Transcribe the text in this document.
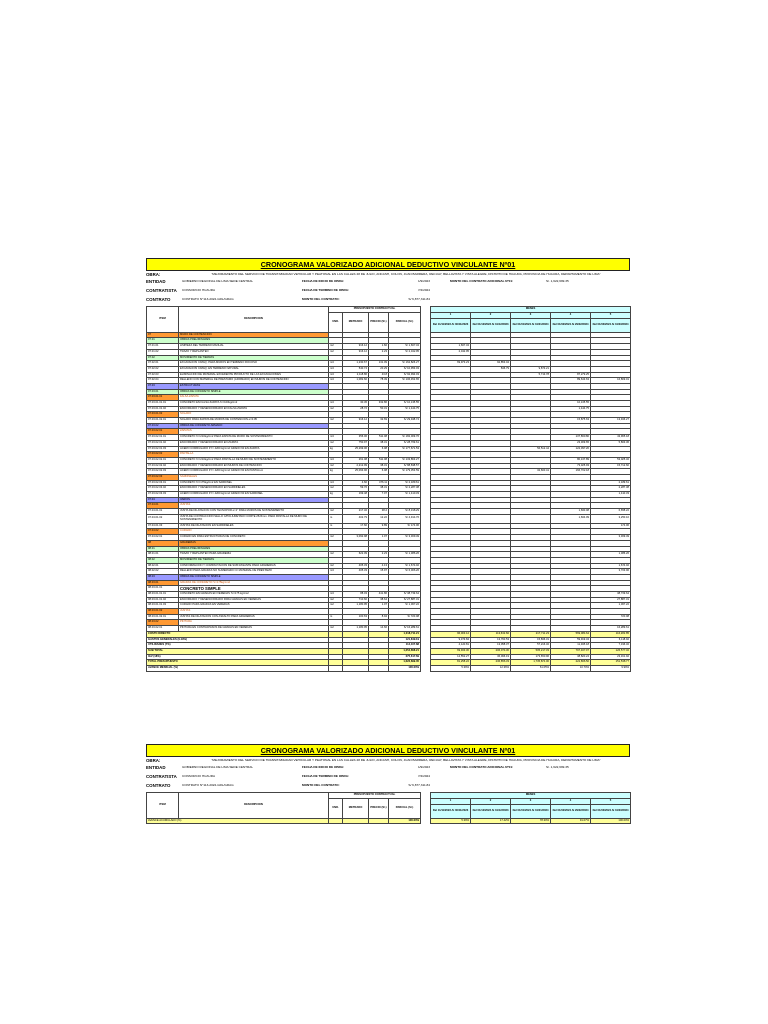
CRONOGRAMA VALORIZADO ADICIONAL DEDUCTIVO VINCULANTE Nº01
OBRA:	"MEJORAMIENTO DEL SERVICIO DE TRANSITABILIDAD VEHICULAR Y PEATONAL EN LAS CALLES 28 DE JULIO, ANCASH, COLON, JUAN BARRERA, RECUAY, BELLAVISTA Y VISTA ALEGRE, DISTRITO DE HUAURA, PROVINCIA DE HUAURA, DEPARTAMENTO DE LIMA"
ENTIDAD	GOBIERNO REGIONAL DE LIMA SEDE CENTRAL	FECHA DE INICIO DE OBRA:	1/9/2023	MONTO DEL CONTRATO ADICIONAL Nº01:	S/. 1,622,699.35
CONTRATISTA	CONSORCIO HUAURA	FECHA DE TERMINO DE OBRA:	7/4/2024
CONTRATO	CONTRATO N°113-2022-GRL/GRAG	MONTO DEL CONTRATO:	S/ 6,877,311.84
ITEM	DESCRIPCION	PRESUPUESTO CONTRACTUAL					MESES				
		UND.	METRADO	PRECIO (S/.)	PARCIAL (S/.)		1	2	3	4	5
							Del 11/11/2023 Al 30/11/2023	Del 01/12/2023 Al 31/12/2023	Del 01/01/2024 Al 31/01/2024	Del 01/02/2024 Al 29/02/2024	Del 01/03/2024 Al 31/03/2024
07	MURO DE CONTENCION										
07.01	OBRAS PRELIMINARES										
07.01.01	LIMPIEZA DEL TERRENO MANUAL	m2	916.12	1.82	S/ 1,667.34		1,667.34				
07.01.02	TRAZO Y REPLANTEO	m2	916.12	2.23	S/ 2,042.95		2,042.95				
07.02	MOVIMIENTO DE TIERRAS										
07.02.01	EXCAVACION C/MAQ. PARA MUROS EN TERRENO ROCOSO	m3	1,230.67	131.09	S/ 162,826.27		69,973.23	92,853.04			
07.02.02	EXCAVACION C/MAQ. EN TERRENO NATURAL	m3	540.74	20.29	S/ 10,953.03			846.79	9,873.21		
07.02.03	ELIMINACION DE MATERIAL EXCEDENTE PRODUCTO DE LAS EXCAVACIONES	m3	2,118.86	43.8	S/ 92,993.03				5,713.78	87,279.25	
07.02.04	RELLENO CON MATERIAL DE PRESTAMO (AFIRMADO) EN MUROS DE CONTENCION	m3	1,082.60	78.49	S/ 106,452.65					89,643.63	16,809.01
07.03	ESTRUCTURAS										
07.03.01	OBRAS DE CONCRETO SIMPLE										
07.03.01.01	FALSA ZAPATA										
07.03.01.01.01	CONCRETO EN FALSA ZAPATA f'c=100kg/cm2	m3	30.45	332.86	S/ 10,135.55					10,135.55	
07.03.01.01.02	ENCOFRADO Y DESENCOFRADO EN FALSA ZAPATA	m2	28.72	50.31	S/ 1,444.75					1,444.75	
07.03.01.02	SOLADO										
07.03.01.02.01	SOLADO PARA ZAPATA DE MUROS DE CONTENCION e=0.05	m2	916.12	32.69	S/ 29,948.74					15,875.63	13,946.27
07.03.02	OBRAS DE CONCRETO ARMADO										
07.03.02.01	ZAPATAS										
07.03.02.01.01	CONCRETO f'c=210kg/cm2 PARA ZAPATA DE MURO DE SOSTENIMIENTO	m3	356.06	511.08	S/ 182,009.76					137,860.80	43,965.18
07.03.02.01.02	ENCOFRADO Y DESENCOFRADO EN ZAPATA	m2	750.97	38.31	S/ 28,769.61					23,309.65	5,803.36
07.03.02.01.03	ACERO CORRUGADO FY= 4200 kg/cm2 GRADO 60 EN ZAPATA	kg	25,299.06	6.08	S/ 177,671.53				56,512.44	122,097.20	
07.03.02.02	PANTALLA										
07.03.02.02.01	CONCRETO f'c=210kg/cm2 PARA PANTALLA DE MURO DE SOSTENIMIENTO	m3	261.08	511.08	S/ 133,863.27					80,137.89	53,025.32
07.03.02.02.02	ENCOFRADO Y DESENCOFRADO EN MUROS DE CONTENCION	m2	2,212.99	38.31	S/ 88,838.57					73,325.93	15,712.60
07.03.02.02.03	ACERO CORRUGADO FY= 4200 kg/cm2 GRADO 60 EN PANTALLA	kg	25,093.96	6.08	S/ 179,353.59				32,600.41	166,702.18	
07.03.02.03	SARDINELES										
07.03.02.03.01	CONCRETO f'c=175kg/cm2 EN SARDINEL	m3	4.60	476.11	S/ 2,189.61						2,189.61
07.03.02.03.02	ENCOFRADO Y DESENCOFRADO EN SARDINELES	m2	59.76	38.31	S/ 2,287.38						2,287.38
07.03.02.03.03	ACERO CORRUGADO FY= 4200 kg/cm2 GRADO 60 EN SARDINEL	kg	199.48	7.07	S/ 1,410.33						1,410.33
07.04	VARIOS										
07.04.01	JUNTAS										
07.04.01.01	JUNTA DE DILATACION CON TECNOPOR e=1" PARA MUROS DE SOSTENIMIENTO	m2	217.32	38.2	S/ 8,318.29					1,660.08	6,658.22
07.04.01.02	JUNTA DE CONTRACCION SELLO C/POLIURETANO CORTE 25x5mm. PARA PANTALLA DE MURO DE SOSTENIMIENTO	m	402.79	12.22	S/ 4,914.76					1,664.09	3,250.10
07.04.01.03	JUNTAS DE DILATACION EN SARDINELES	m	17.60	9.89	S/ 174.06						174.06
07.04.02	CURADO										
07.04.02.01	CURADO EN PARA ESTRUCTURAS DE CONCRETO	m2	3,092.98	1.07	S/ 3,309.49						3,309.49
08	GRADERIAS										
08.01	OBRAS PRELIMINARES										
08.01.01	TRAZO Y REPLANTEO PARA GRADERIA	m2	622.09	2.23	S/ 1,386.26						1,386.26
08.02	MOVIMIENTO DE TIERRAS										
08.02.01	CONFORMACION Y COMPACTACION DE SUB RASANTE PARA GRADERIAS	m2	405.33	4.13	S/ 1,674.02						1,674.02
08.02.02	RELLENO PARA GRADAS NO SUMERGIDO C/ MATERIAL DE PRESTAMO	m3	405.33	15.97	S/ 6,006.26						3,703.96
08.03	OBRAS DE CONCRETO SIMPLE										
08.03.01	GRADAS DE CONCRETO f'c=175kg/cm2										
08.03.01.01	CONCRETO SIMPLE										
08.03.01.01.01	CONCRETO EN GRADAS EN VEREDAS f'c=175 kg/cm2	m3	88.03	441.86	S/ 38,739.64						38,739.64
08.03.01.01.02	ENCOFRADO Y DESENCOFRADO PARA GRADAS EN VEREDAS	m2	710.60	38.64	S/ 27,887.31						27,887.31
08.03.01.01.03	CURADO PARA GRADAS EN VEREDAS	m2	1,180.95	1.07	S/ 1,067.22						1,067.22
08.03.01.02	JUNTAS										
08.03.01.02.01	JUNTAS DE DILATACION CON ASFALTO PARA GRADERIAS	m	100.63	8.94	S/ 720.08						720.08
08.03.02	PINTURA										
08.03.02.01	PINTURA EN CONTRAPASOS DE GRADAS EN VEREDAS	m2	1,180.95	14.66	S/ 16,289.61						16,289.61
COSTO DIRECTO					1,018,711.21		96,003.12	113,632.82	217,711.23	569,084.64	116,282.85
GASTOS GENERALES (9.19%)					121,849.19		9,373.84	13,760.53	15,836.31	59,919.34	6,118.92
UTILIDADES (7%)					114,107.88		4,120.81	13,058.37	57,216.32	11,495.18	7,196.32
SUB TOTAL					1,254,668.21		69,933.30	206,074.30	505,217.33	797,467.07	126,577.32
IGV (18%)					275,617.69		12,552.27	36,096.19	173,653.96	38,820.24	23,161.92
TOTAL PRESUPUESTO					1,622,699.35		81,258.22	236,856.33	1,735,874.00	222,866.50	151,538.77
AVANCE MENSUAL (%)					100.00%		5.39%	12.36%	61.05%	10.70%	9.99%
CRONOGRAMA VALORIZADO ADICIONAL DEDUCTIVO VINCULANTE Nº01
OBRA:	"MEJORAMIENTO DEL SERVICIO DE TRANSITABILIDAD VEHICULAR Y PEATONAL EN LAS CALLES 28 DE JULIO, ANCASH, COLON, JUAN BARRERA, RECUAY, BELLAVISTA Y VISTA ALEGRE, DISTRITO DE HUAURA, PROVINCIA DE HUAURA, DEPARTAMENTO DE LIMA"
ENTIDAD	GOBIERNO REGIONAL DE LIMA SEDE CENTRAL	FECHA DE INICIO DE OBRA:	1/9/2023	MONTO DEL CONTRATO ADICIONAL Nº01:	S/. 1,622,699.35
CONTRATISTA	CONSORCIO HUAURA	FECHA DE TERMINO DE OBRA:	7/4/2024
CONTRATO	CONTRATO N°113-2022-GRL/GRAG	MONTO DEL CONTRATO:	S/ 6,877,311.84
ITEM	DESCRIPCION	PRESUPUESTO CONTRACTUAL					MESES				
		UND.	METRADO	PRECIO (S/.)	PARCIAL (S/.)		1	2	3	4	5
							Del 11/11/2023 Al 30/11/2023	Del 01/12/2023 Al 31/12/2023	Del 01/01/2024 Al 31/01/2024	Del 01/02/2024 Al 29/02/2024	Del 01/03/2024 Al 31/03/2024
AVANCE ACUMULADO (%)					100.00%		5.39%	17.42%	78.30%	91.07%	100.00%
